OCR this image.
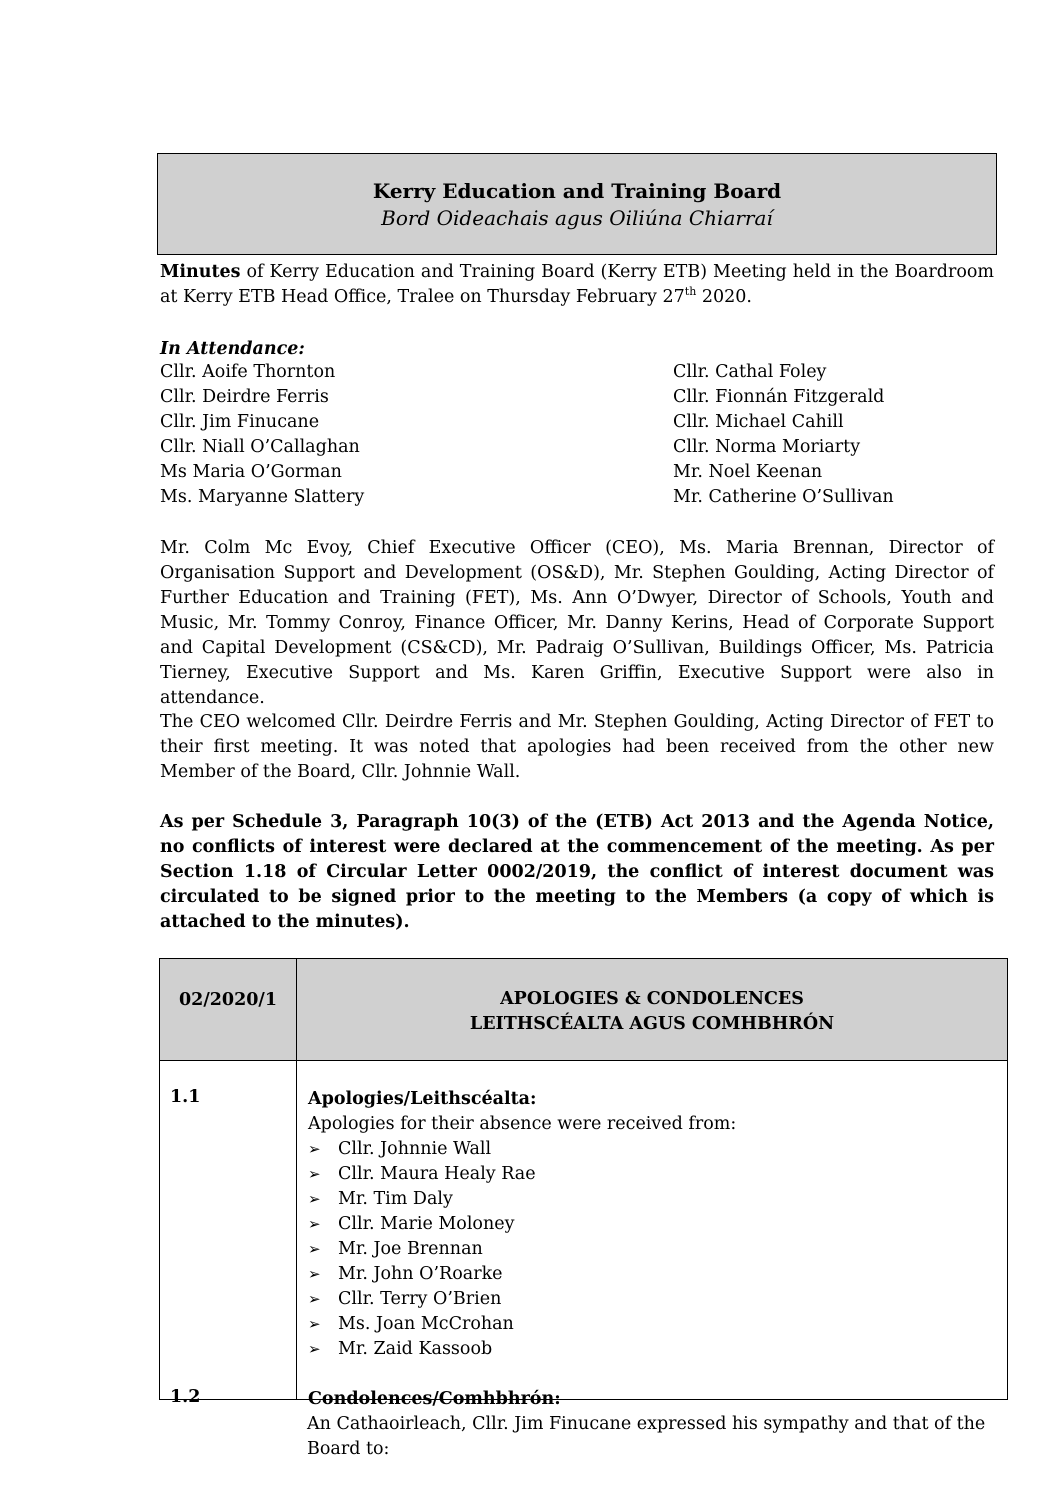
Kerry Education and Training Board
Bord Oideachais agus Oiliúna Chiarraí
Minutes of Kerry Education and Training Board (Kerry ETB) Meeting held in the Boardroom at Kerry ETB Head Office, Tralee on Thursday February 27th 2020.
In Attendance:
Cllr. Aoife Thornton
Cllr. Deirdre Ferris
Cllr. Jim Finucane
Cllr. Niall O’Callaghan
Ms Maria O’Gorman
Ms. Maryanne Slattery
Cllr. Cathal Foley
Cllr. Fionnán Fitzgerald
Cllr. Michael Cahill
Cllr. Norma Moriarty
Mr. Noel Keenan
Mr. Catherine O’Sullivan
Mr. Colm Mc Evoy, Chief Executive Officer (CEO), Ms. Maria Brennan, Director of Organisation Support and Development (OS&D), Mr. Stephen Goulding, Acting Director of Further Education and Training (FET), Ms. Ann O’Dwyer, Director of Schools, Youth and Music, Mr. Tommy Conroy, Finance Officer, Mr. Danny Kerins, Head of Corporate Support and Capital Development (CS&CD), Mr. Padraig O’Sullivan, Buildings Officer, Ms. Patricia Tierney, Executive Support and Ms. Karen Griffin, Executive Support were also in attendance.
The CEO welcomed Cllr. Deirdre Ferris and Mr. Stephen Goulding, Acting Director of FET to their first meeting. It was noted that apologies had been received from the other new Member of the Board, Cllr. Johnnie Wall.
As per Schedule 3, Paragraph 10(3) of the (ETB) Act 2013 and the Agenda Notice, no conflicts of interest were declared at the commencement of the meeting. As per Section 1.18 of Circular Letter 0002/2019, the conflict of interest document was circulated to be signed prior to the meeting to the Members (a copy of which is attached to the minutes).
02/2020/1	APOLOGIES & CONDOLENCES
LEITHSCÉALTA AGUS COMHBHRÓN
1.1	Apologies/Leithscéalta:
Apologies for their absence were received from:
➢ Cllr. Johnnie Wall
➢ Cllr. Maura Healy Rae
➢ Mr. Tim Daly
➢ Cllr. Marie Moloney
➢ Mr. Joe Brennan
➢ Mr. John O’Roarke
➢ Cllr. Terry O’Brien
➢ Ms. Joan McCrohan
➢ Mr. Zaid Kassoob
1.2	Condolences/Comhbhrón:
An Cathaoirleach, Cllr. Jim Finucane expressed his sympathy and that of the Board to:
